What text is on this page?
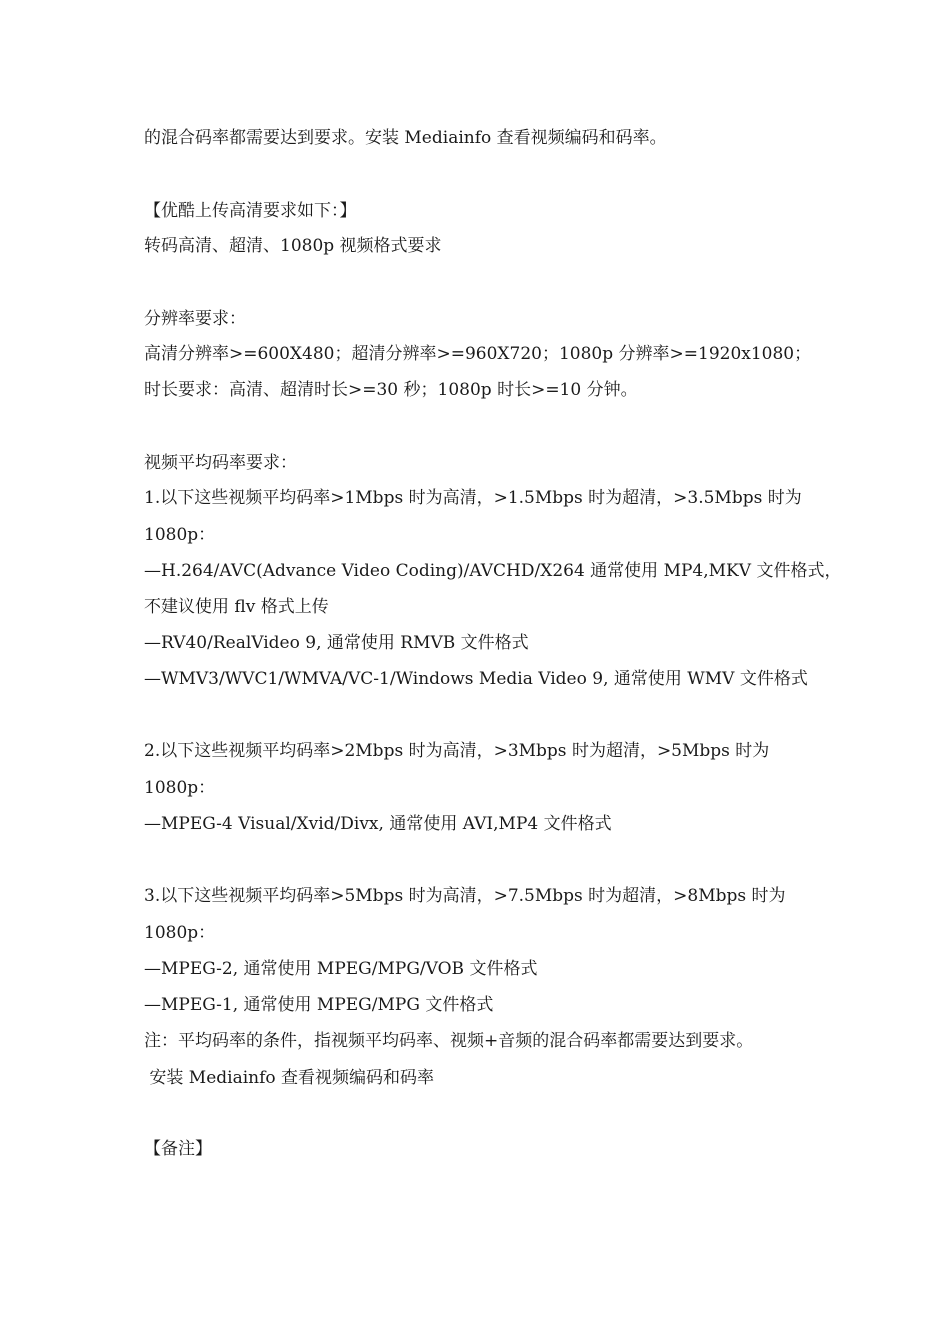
的混合码率都需要达到要求。安装 Mediainfo 查看视频编码和码率。
【优酷上传高清要求如下：】
转码高清、超清、1080p 视频格式要求
分辨率要求：
高清分辨率>=600X480；超清分辨率>=960X720；1080p 分辨率>=1920x1080；
时长要求：高清、超清时长>=30 秒；1080p 时长>=10 分钟。
视频平均码率要求：
1.以下这些视频平均码率>1Mbps 时为高清，>1.5Mbps 时为超清，>3.5Mbps 时为
1080p：
—H.264/AVC(Advance Video Coding)/AVCHD/X264 通常使用 MP4,MKV 文件格式，
不建议使用 flv 格式上传
—RV40/RealVideo 9, 通常使用 RMVB 文件格式
—WMV3/WVC1/WMVA/VC-1/Windows Media Video 9, 通常使用 WMV 文件格式
2.以下这些视频平均码率>2Mbps 时为高清，>3Mbps 时为超清，>5Mbps 时为
1080p：
—MPEG-4 Visual/Xvid/Divx, 通常使用 AVI,MP4 文件格式
3.以下这些视频平均码率>5Mbps 时为高清，>7.5Mbps 时为超清，>8Mbps 时为
1080p：
—MPEG-2, 通常使用 MPEG/MPG/VOB 文件格式
—MPEG-1, 通常使用 MPEG/MPG 文件格式
注：平均码率的条件，指视频平均码率、视频+音频的混合码率都需要达到要求。
安装 Mediainfo 查看视频编码和码率
【备注】
